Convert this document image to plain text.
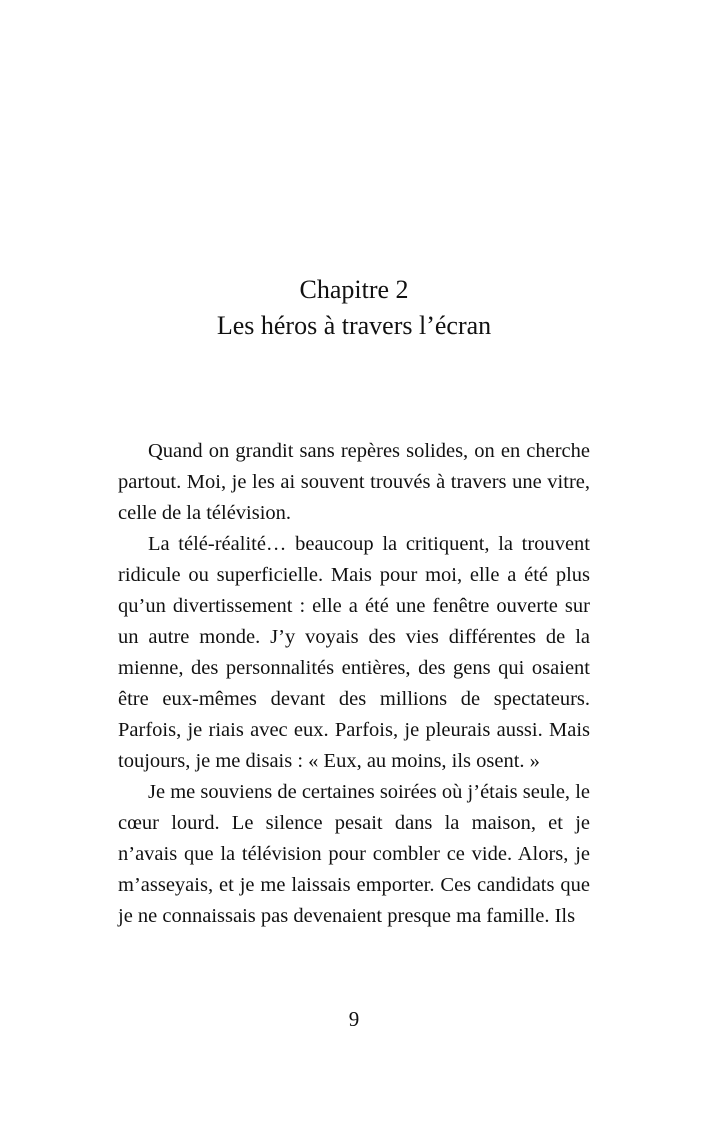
Chapitre 2
Les héros à travers l’écran

Quand on grandit sans repères solides, on en cherche partout. Moi, je les ai souvent trouvés à travers une vitre, celle de la télévision.

La télé-réalité… beaucoup la critiquent, la trouvent ridicule ou superficielle. Mais pour moi, elle a été plus qu’un divertissement : elle a été une fenêtre ouverte sur un autre monde. J’y voyais des vies différentes de la mienne, des personnalités entières, des gens qui osaient être eux-mêmes devant des millions de spectateurs. Parfois, je riais avec eux. Parfois, je pleurais aussi. Mais toujours, je me disais : « Eux, au moins, ils osent. »

Je me souviens de certaines soirées où j’étais seule, le cœur lourd. Le silence pesait dans la maison, et je n’avais que la télévision pour combler ce vide. Alors, je m’asseyais, et je me laissais emporter. Ces candidats que je ne connaissais pas devenaient presque ma famille. Ils

9
